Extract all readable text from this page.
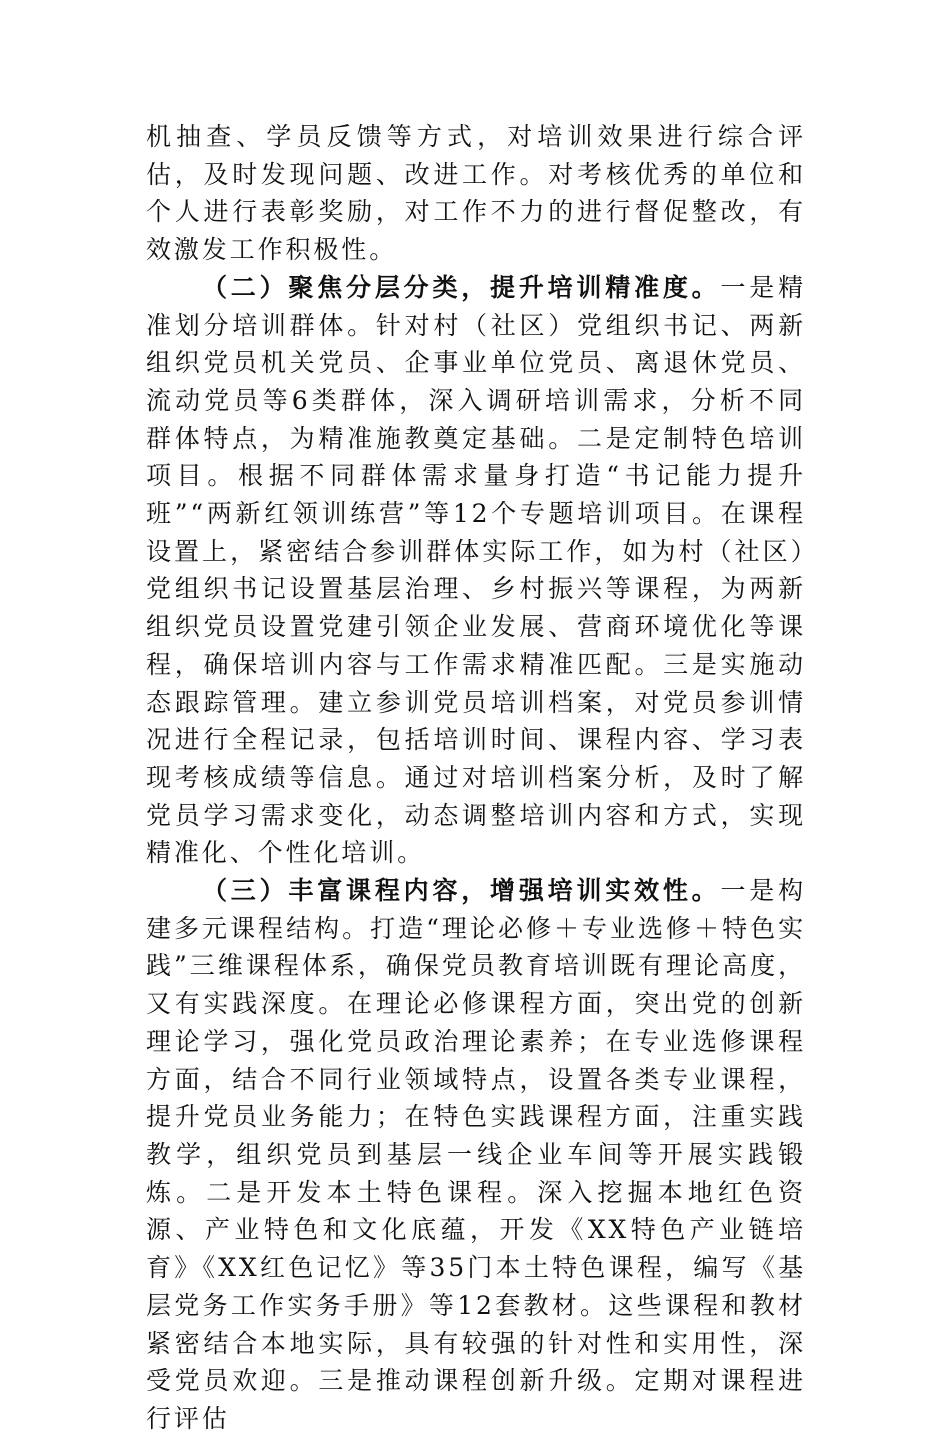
机抽查、学员反馈等方式，对培训效果进行综合评估，及时发现问题、改进工作。对考核优秀的单位和个人进行表彰奖励，对工作不力的进行督促整改，有效激发工作积极性。

（二）聚焦分层分类，提升培训精准度。一是精准划分培训群体。针对村（社区）党组织书记、两新组织党员机关党员、企事业单位党员、离退休党员、流动党员等6类群体，深入调研培训需求，分析不同群体特点，为精准施教奠定基础。二是定制特色培训项目。根据不同群体需求量身打造“书记能力提升班”“两新红领训练营”等12个专题培训项目。在课程设置上，紧密结合参训群体实际工作，如为村（社区）党组织书记设置基层治理、乡村振兴等课程，为两新组织党员设置党建引领企业发展、营商环境优化等课程，确保培训内容与工作需求精准匹配。三是实施动态跟踪管理。建立参训党员培训档案，对党员参训情况进行全程记录，包括培训时间、课程内容、学习表现考核成绩等信息。通过对培训档案分析，及时了解党员学习需求变化，动态调整培训内容和方式，实现精准化、个性化培训。

（三）丰富课程内容，增强培训实效性。一是构建多元课程结构。打造“理论必修＋专业选修＋特色实践”三维课程体系，确保党员教育培训既有理论高度，又有实践深度。在理论必修课程方面，突出党的创新理论学习，强化党员政治理论素养；在专业选修课程方面，结合不同行业领域特点，设置各类专业课程，提升党员业务能力；在特色实践课程方面，注重实践教学，组织党员到基层一线企业车间等开展实践锻炼。二是开发本土特色课程。深入挖掘本地红色资源、产业特色和文化底蕴，开发《XX特色产业链培育》《XX红色记忆》等35门本土特色课程，编写《基层党务工作实务手册》等12套教材。这些课程和教材紧密结合本地实际，具有较强的针对性和实用性，深受党员欢迎。三是推动课程创新升级。定期对课程进行评估
